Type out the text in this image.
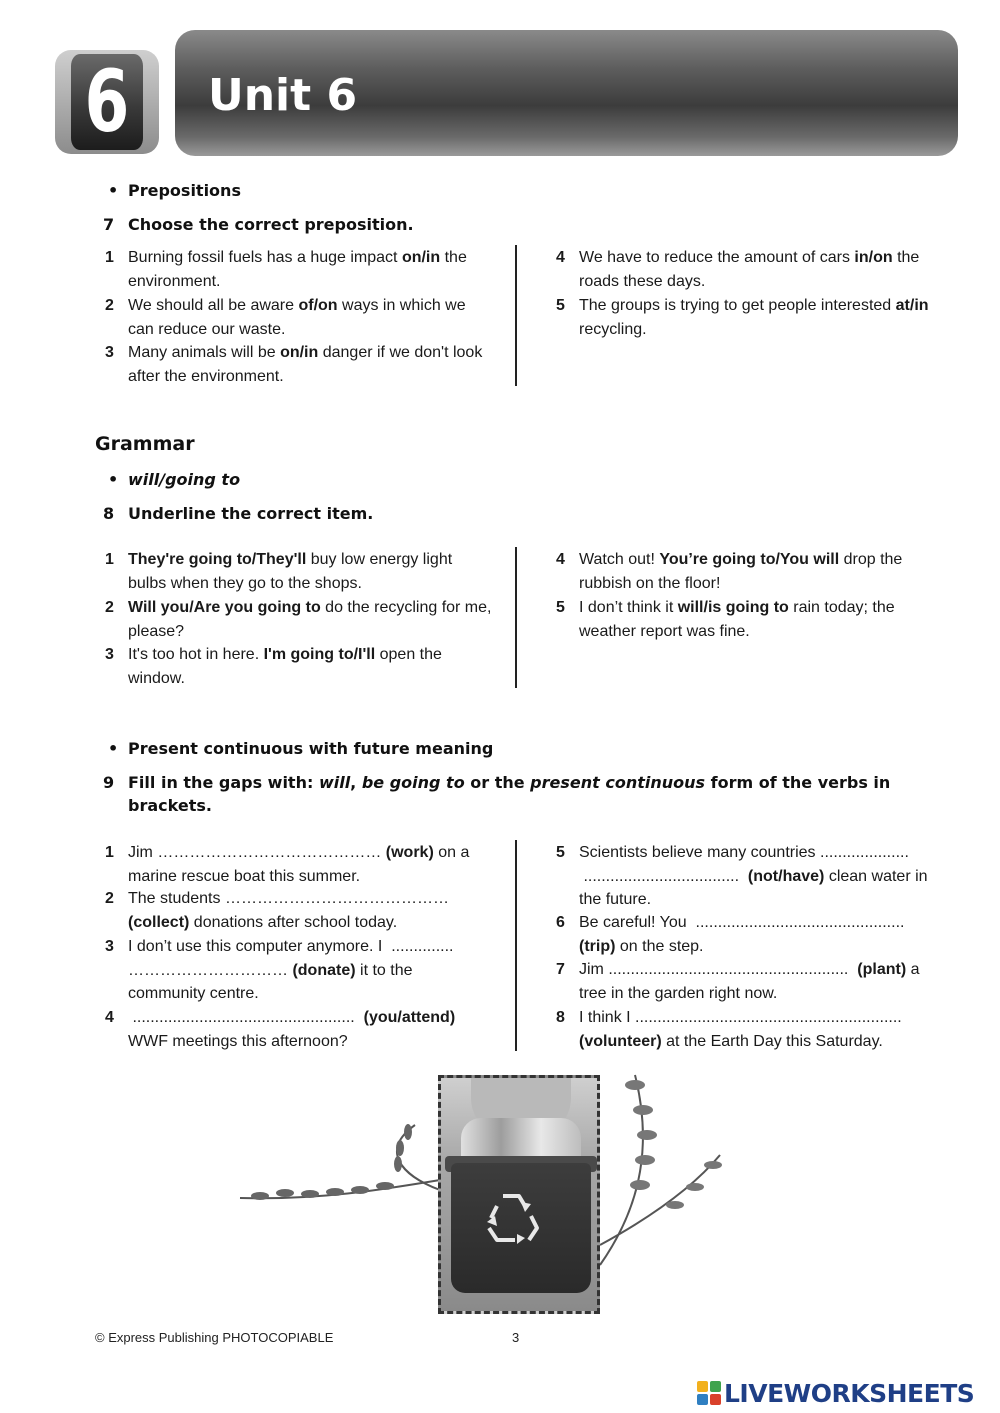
6	Unit 6
• Prepositions
7 Choose the correct preposition.
1 Burning fossil fuels has a huge impact on/in the environment.
2 We should all be aware of/on ways in which we can reduce our waste.
3 Many animals will be on/in danger if we don't look after the environment.
4 We have to reduce the amount of cars in/on the roads these days.
5 The groups is trying to get people interested at/in recycling.
Grammar
• will/going to
8 Underline the correct item.
1 They're going to/They'll buy low energy light bulbs when they go to the shops.
2 Will you/Are you going to do the recycling for me, please?
3 It's too hot in here. I'm going to/I'll open the window.
4 Watch out! You’re going to/You will drop the rubbish on the floor!
5 I don’t think it will/is going to rain today; the weather report was fine.
• Present continuous with future meaning
9 Fill in the gaps with: will, be going to or the present continuous form of the verbs in brackets.
1 Jim …………………………………… (work) on a marine rescue boat this summer.
2 The students …………………………………… (collect) donations after school today.
3 I don’t use this computer anymore. I  .............. ………………………… (donate) it to the community centre.
4 ..................................................  (you/attend) WWF meetings this afternoon?
5 Scientists believe many countries ....................  ...................................  (not/have) clean water in the future.
6 Be careful! You  ............................................... (trip) on the step.
7 Jim ......................................................  (plant) a tree in the garden right now.
8 I think I ............................................................ (volunteer) at the Earth Day this Saturday.
© Express Publishing PHOTOCOPIABLE	3
LIVEWORKSHEETS
